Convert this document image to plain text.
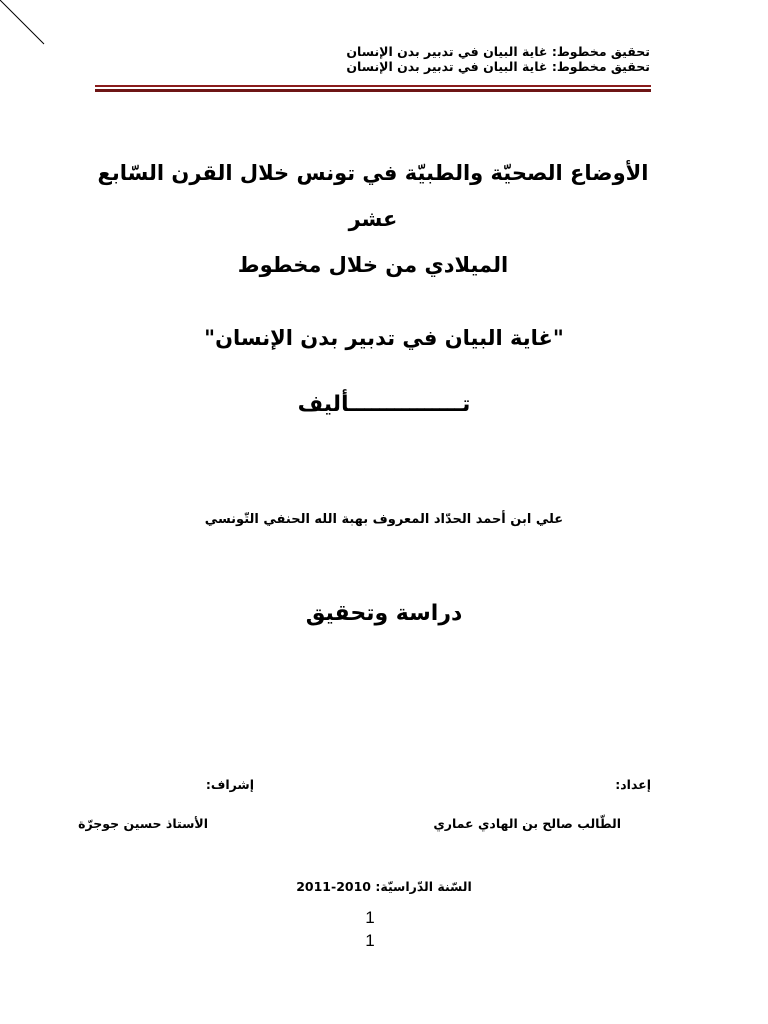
تحقيق مخطوط: غاية البيان في تدبير بدن الإنسان
تحقيق مخطوط: غاية البيان في تدبير بدن الإنسان
الأوضاع الصحيّة والطبيّة في تونس خلال القرن السّابع عشر
الميلادي من خلال مخطوط
"غاية البيان في تدبير بدن الإنسان"
تـــــــــــــــأليف
علي ابن أحمد الحدّاد المعروف بهبة الله الحنفي التّونسي
دراسة وتحقيق
إعداد:
إشراف:
الطّالب صالح بن الهادي عماري
الأستاذ حسين جوجرّة
السّنة الدّراسيّة: 2010-2011
1
1
